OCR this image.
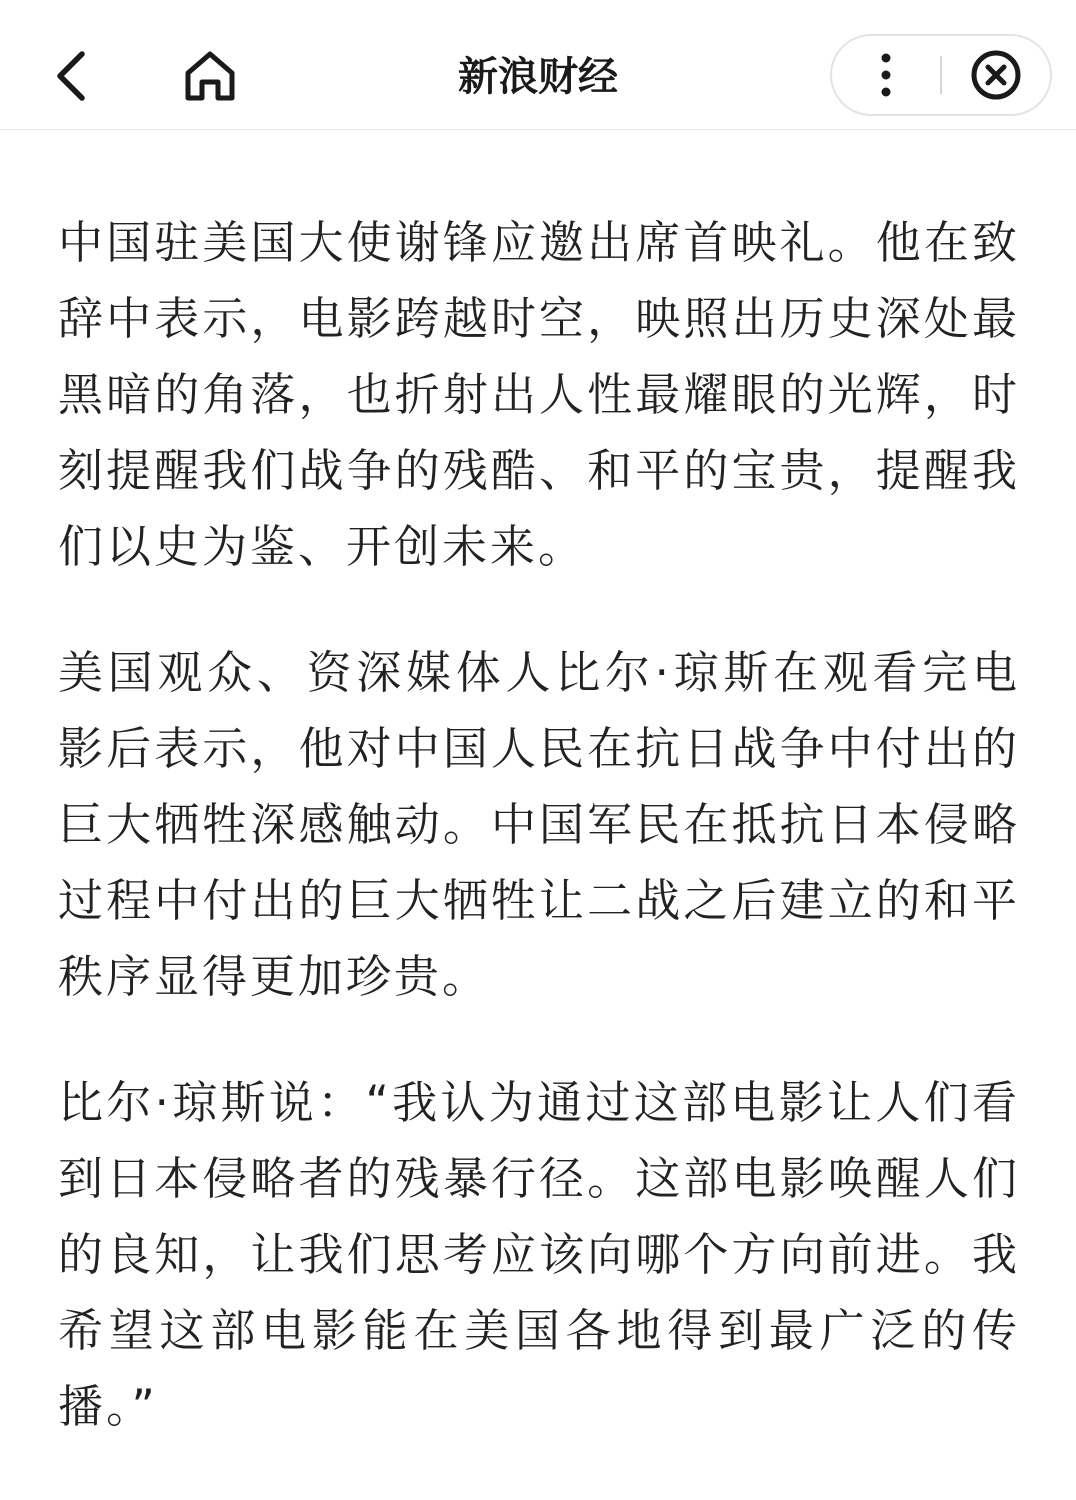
新浪财经

中国驻美国大使谢锋应邀出席首映礼。他在致辞中表示，电影跨越时空，映照出历史深处最黑暗的角落，也折射出人性最耀眼的光辉，时刻提醒我们战争的残酷、和平的宝贵，提醒我们以史为鉴、开创未来。

美国观众、资深媒体人比尔·琼斯在观看完电影后表示，他对中国人民在抗日战争中付出的巨大牺牲深感触动。中国军民在抵抗日本侵略过程中付出的巨大牺牲让二战之后建立的和平秩序显得更加珍贵。

比尔·琼斯说：“我认为通过这部电影让人们看到日本侵略者的残暴行径。这部电影唤醒人们的良知，让我们思考应该向哪个方向前进。我希望这部电影能在美国各地得到最广泛的传播。”
